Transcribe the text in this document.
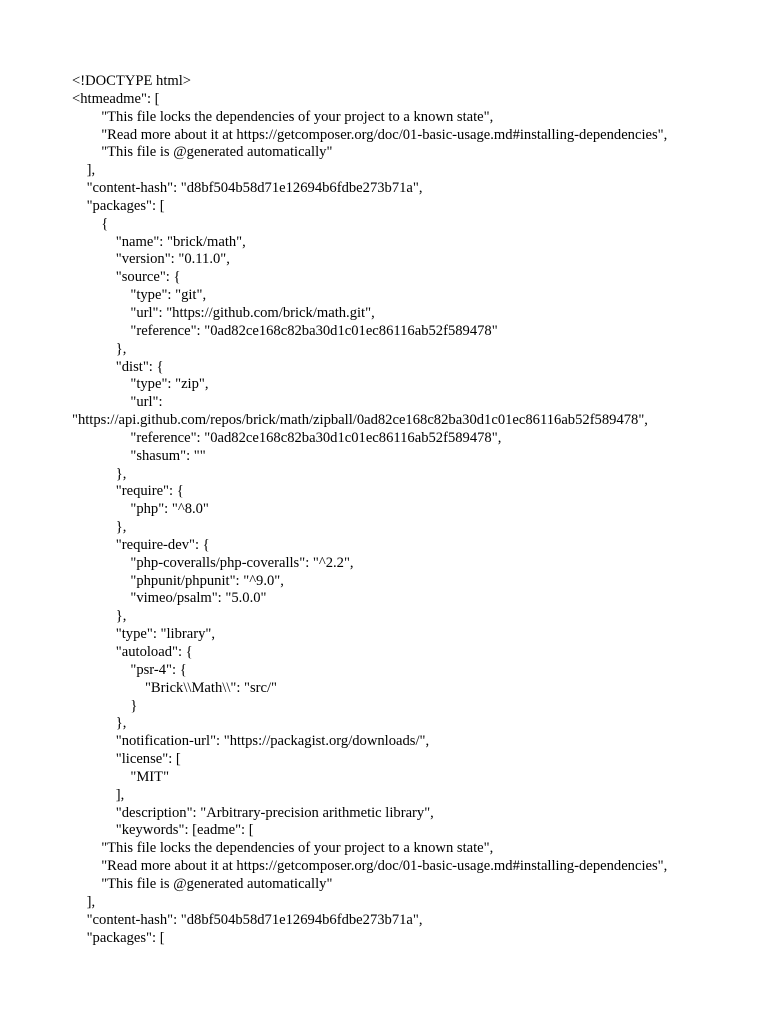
<!DOCTYPE html>
<htmeadme": [
"This file locks the dependencies of your project to a known state",
"Read more about it at https://getcomposer.org/doc/01-basic-usage.md#installing-dependencies",
"This file is @generated automatically"
],
"content-hash": "d8bf504b58d71e12694b6fdbe273b71a",
"packages": [
{
"name": "brick/math",
"version": "0.11.0",
"source": {
"type": "git",
"url": "https://github.com/brick/math.git",
"reference": "0ad82ce168c82ba30d1c01ec86116ab52f589478"
},
"dist": {
"type": "zip",
"url":
"https://api.github.com/repos/brick/math/zipball/0ad82ce168c82ba30d1c01ec86116ab52f589478",
"reference": "0ad82ce168c82ba30d1c01ec86116ab52f589478",
"shasum": ""
},
"require": {
"php": "^8.0"
},
"require-dev": {
"php-coveralls/php-coveralls": "^2.2",
"phpunit/phpunit": "^9.0",
"vimeo/psalm": "5.0.0"
},
"type": "library",
"autoload": {
"psr-4": {
"Brick\\Math\\": "src/"
}
},
"notification-url": "https://packagist.org/downloads/",
"license": [
"MIT"
],
"description": "Arbitrary-precision arithmetic library",
"keywords": [eadme": [
"This file locks the dependencies of your project to a known state",
"Read more about it at https://getcomposer.org/doc/01-basic-usage.md#installing-dependencies",
"This file is @generated automatically"
],
"content-hash": "d8bf504b58d71e12694b6fdbe273b71a",
"packages": [
